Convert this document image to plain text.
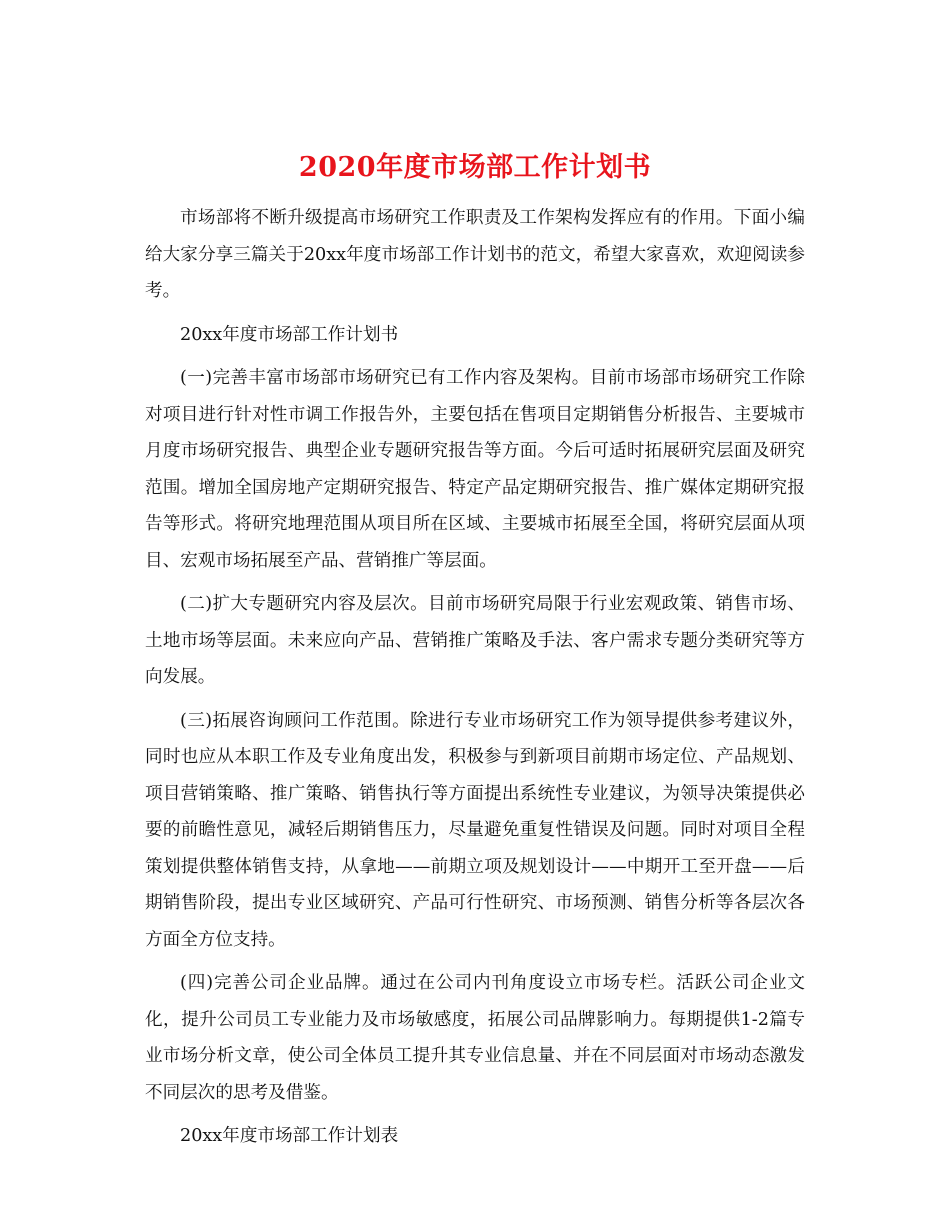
2020年度市场部工作计划书

市场部将不断升级提高市场研究工作职责及工作架构发挥应有的作用。下面小编给大家分享三篇关于20xx年度市场部工作计划书的范文，希望大家喜欢，欢迎阅读参考。

20xx年度市场部工作计划书

(一)完善丰富市场部市场研究已有工作内容及架构。目前市场部市场研究工作除对项目进行针对性市调工作报告外，主要包括在售项目定期销售分析报告、主要城市月度市场研究报告、典型企业专题研究报告等方面。今后可适时拓展研究层面及研究范围。增加全国房地产定期研究报告、特定产品定期研究报告、推广媒体定期研究报告等形式。将研究地理范围从项目所在区域、主要城市拓展至全国，将研究层面从项目、宏观市场拓展至产品、营销推广等层面。

(二)扩大专题研究内容及层次。目前市场研究局限于行业宏观政策、销售市场、土地市场等层面。未来应向产品、营销推广策略及手法、客户需求专题分类研究等方向发展。

(三)拓展咨询顾问工作范围。除进行专业市场研究工作为领导提供参考建议外，同时也应从本职工作及专业角度出发，积极参与到新项目前期市场定位、产品规划、项目营销策略、推广策略、销售执行等方面提出系统性专业建议，为领导决策提供必要的前瞻性意见，减轻后期销售压力，尽量避免重复性错误及问题。同时对项目全程策划提供整体销售支持，从拿地——前期立项及规划设计——中期开工至开盘——后期销售阶段，提出专业区域研究、产品可行性研究、市场预测、销售分析等各层次各方面全方位支持。

(四)完善公司企业品牌。通过在公司内刊角度设立市场专栏。活跃公司企业文化，提升公司员工专业能力及市场敏感度，拓展公司品牌影响力。每期提供1-2篇专业市场分析文章，使公司全体员工提升其专业信息量、并在不同层面对市场动态激发不同层次的思考及借鉴。

20xx年度市场部工作计划表
